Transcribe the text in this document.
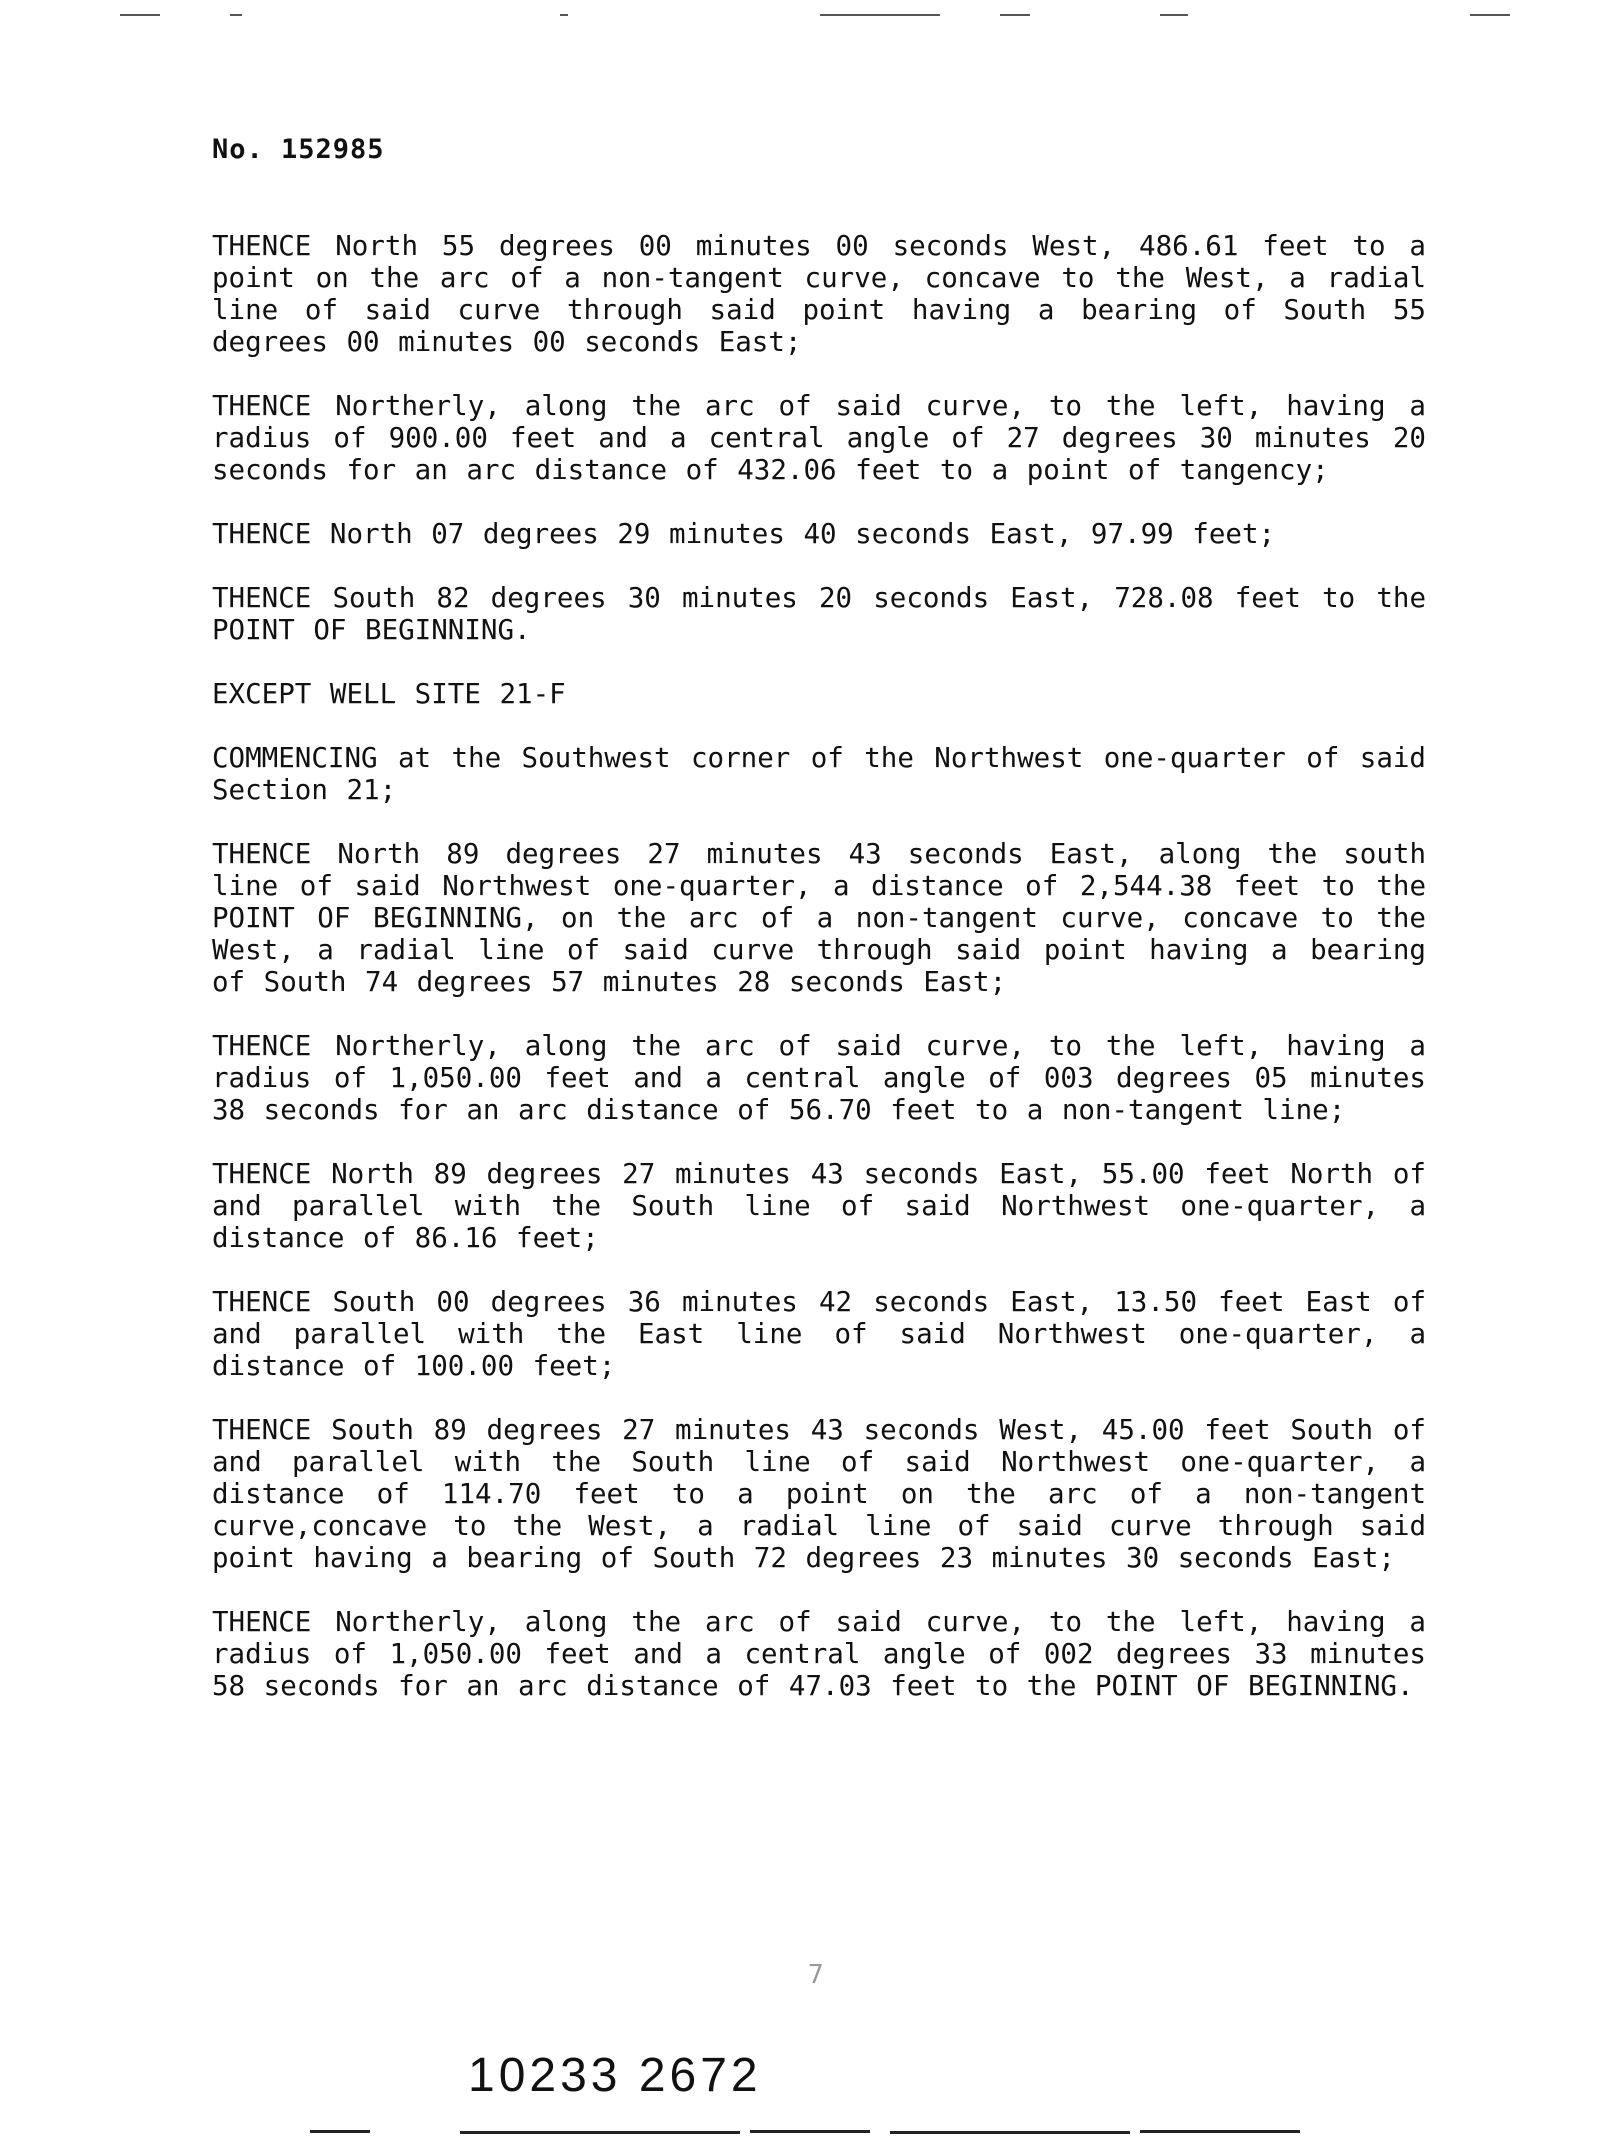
No. 152985

THENCE North 55 degrees 00 minutes 00 seconds West, 486.61 feet to a point on the arc of a non-tangent curve, concave to the West, a radial line of said curve through said point having a bearing of South 55 degrees 00 minutes 00 seconds East;

THENCE Northerly, along the arc of said curve, to the left, having a radius of 900.00 feet and a central angle of 27 degrees 30 minutes 20 seconds for an arc distance of 432.06 feet to a point of tangency;

THENCE North 07 degrees 29 minutes 40 seconds East, 97.99 feet;

THENCE South 82 degrees 30 minutes 20 seconds East, 728.08 feet to the POINT OF BEGINNING.

EXCEPT WELL SITE 21-F

COMMENCING at the Southwest corner of the Northwest one-quarter of said Section 21;

THENCE North 89 degrees 27 minutes 43 seconds East, along the south line of said Northwest one-quarter, a distance of 2,544.38 feet to the POINT OF BEGINNING, on the arc of a non-tangent curve, concave to the West, a radial line of said curve through said point having a bearing of South 74 degrees 57 minutes 28 seconds East;

THENCE Northerly, along the arc of said curve, to the left, having a radius of 1,050.00 feet and a central angle of 003 degrees 05 minutes 38 seconds for an arc distance of 56.70 feet to a non-tangent line;

THENCE North 89 degrees 27 minutes 43 seconds East, 55.00 feet North of and parallel with the South line of said Northwest one-quarter, a distance of 86.16 feet;

THENCE South 00 degrees 36 minutes 42 seconds East, 13.50 feet East of and parallel with the East line of said Northwest one-quarter, a distance of 100.00 feet;

THENCE South 89 degrees 27 minutes 43 seconds West, 45.00 feet South of and parallel with the South line of said Northwest one-quarter, a distance of 114.70 feet to a point on the arc of a non-tangent curve,concave to the West, a radial line of said curve through said point having a bearing of South 72 degrees 23 minutes 30 seconds East;

THENCE Northerly, along the arc of said curve, to the left, having a radius of 1,050.00 feet and a central angle of 002 degrees 33 minutes 58 seconds for an arc distance of 47.03 feet to the POINT OF BEGINNING.

7
10233 2672
